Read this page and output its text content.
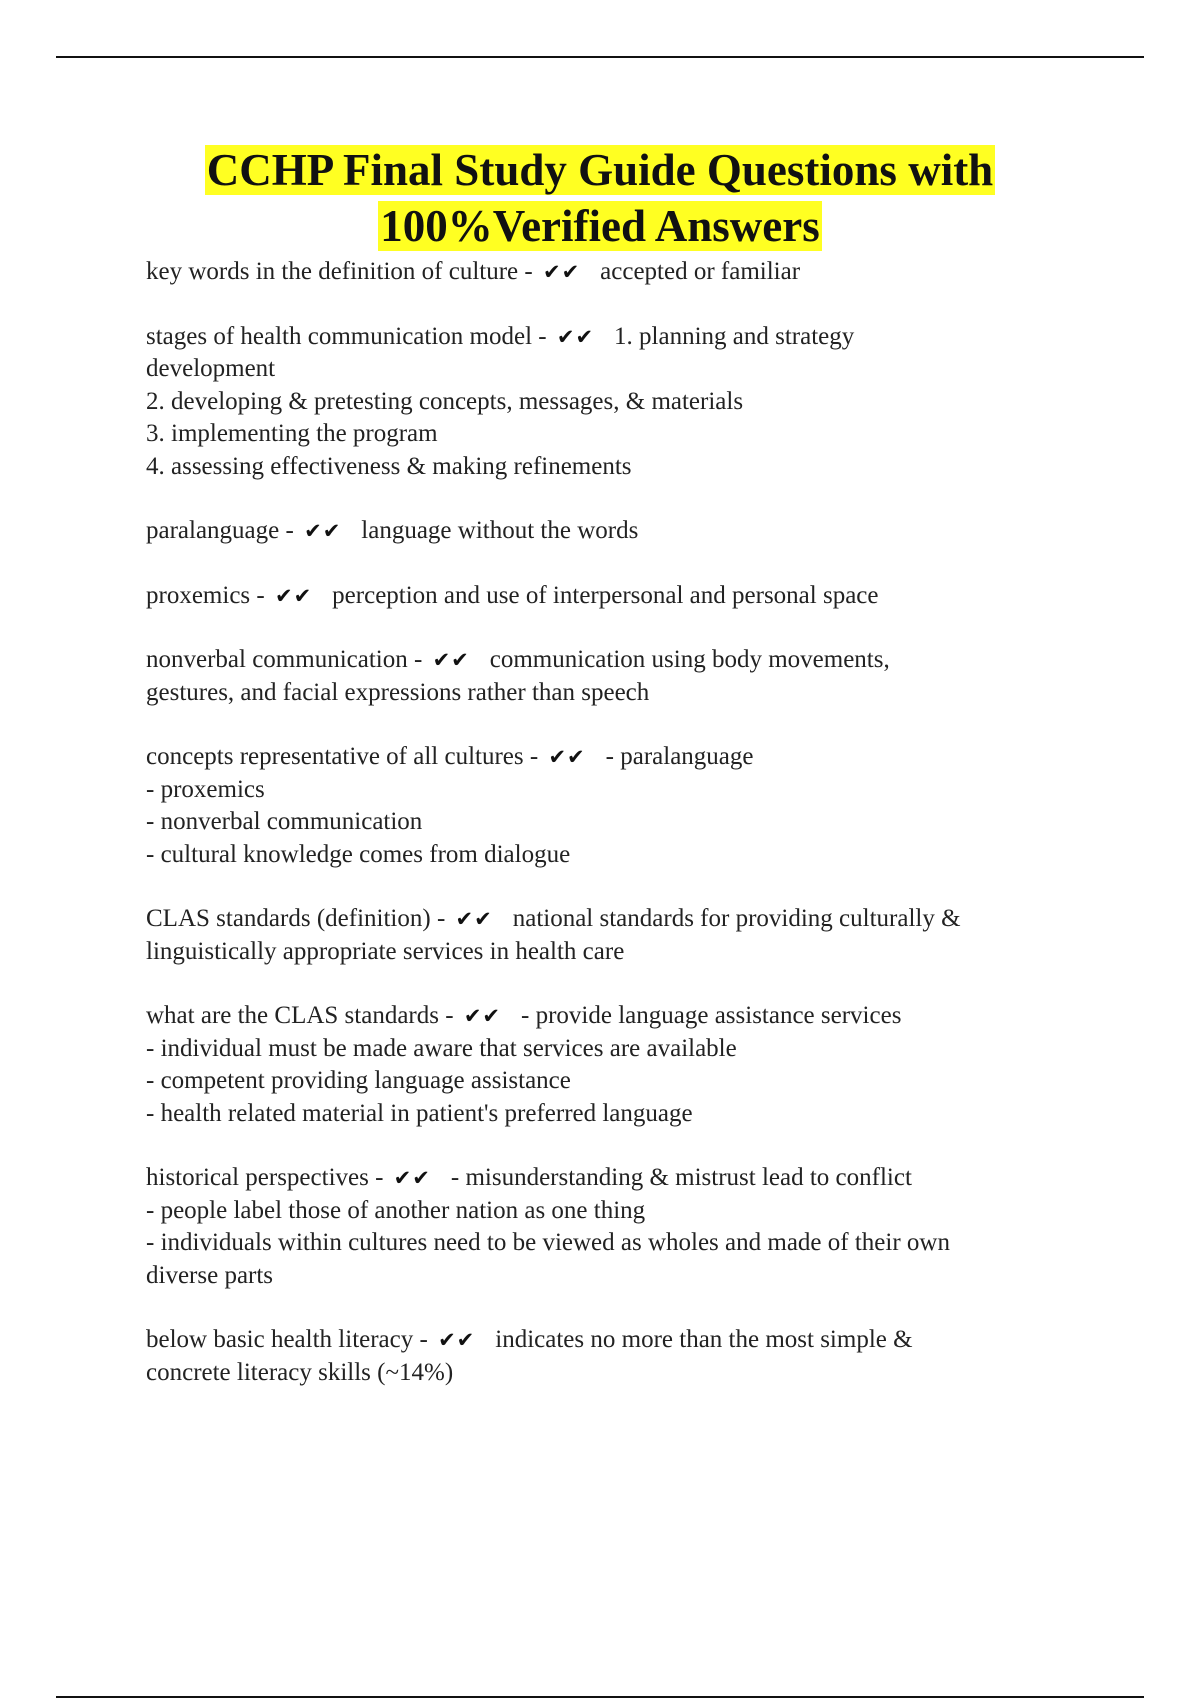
CCHP Final Study Guide Questions with
100%Verified Answers
key words in the definition of culture - ✔✔ accepted or familiar
stages of health communication model - ✔✔ 1. planning and strategy
development
2. developing & pretesting concepts, messages, & materials
3. implementing the program
4. assessing effectiveness & making refinements
paralanguage - ✔✔ language without the words
proxemics - ✔✔ perception and use of interpersonal and personal space
nonverbal communication - ✔✔ communication using body movements,
gestures, and facial expressions rather than speech
concepts representative of all cultures - ✔✔ - paralanguage
- proxemics
- nonverbal communication
- cultural knowledge comes from dialogue
CLAS standards (definition) - ✔✔ national standards for providing culturally &
linguistically appropriate services in health care
what are the CLAS standards - ✔✔ - provide language assistance services
- individual must be made aware that services are available
- competent providing language assistance
- health related material in patient's preferred language
historical perspectives - ✔✔ - misunderstanding & mistrust lead to conflict
- people label those of another nation as one thing
- individuals within cultures need to be viewed as wholes and made of their own
diverse parts
below basic health literacy - ✔✔ indicates no more than the most simple &
concrete literacy skills (~14%)
